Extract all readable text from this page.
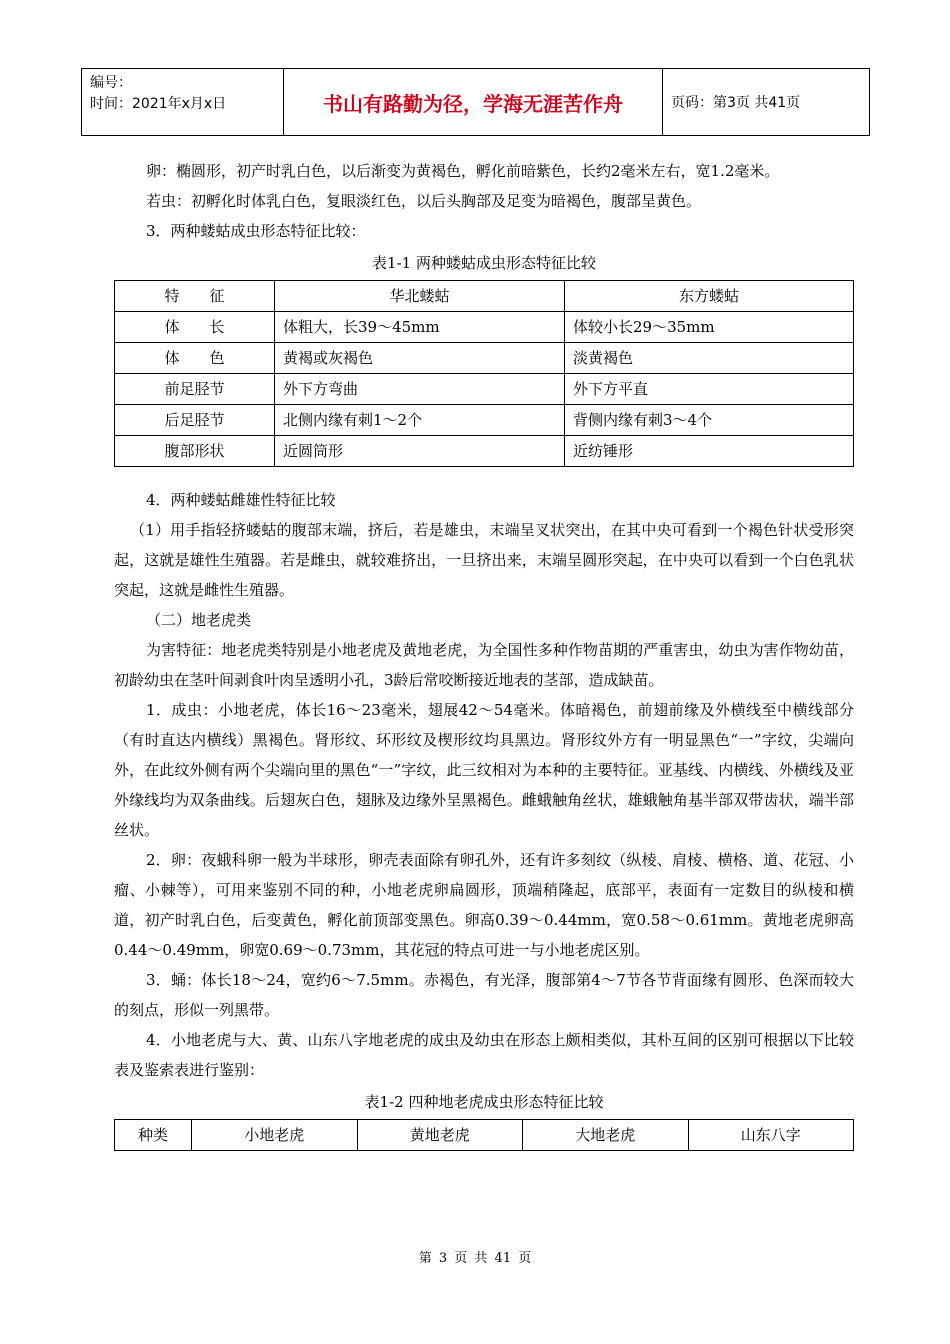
编号：
时间：2021年x月x日	书山有路勤为径，学海无涯苦作舟	页码：第3页 共41页

卵：椭圆形，初产时乳白色，以后渐变为黄褐色，孵化前暗紫色，长约2毫米左右，宽1.2毫米。

若虫：初孵化时体乳白色，复眼淡红色，以后头胸部及足变为暗褐色，腹部呈黄色。

3．两种蝼蛄成虫形态特征比较：

表1-1 两种蝼蛄成虫形态特征比较
特　　征	华北蝼蛄	东方蝼蛄
体　　长	体粗大，长39～45mm	体较小长29～35mm
体　　色	黄褐或灰褐色	淡黄褐色
前足胫节	外下方弯曲	外下方平直
后足胫节	北侧内缘有刺1～2个	背侧内缘有刺3～4个
腹部形状	近圆筒形	近纺锤形

4．两种蝼蛄雌雄性特征比较

（1）用手指轻挤蝼蛄的腹部末端，挤后，若是雄虫，末端呈叉状突出，在其中央可看到一个褐色针状受形突起，这就是雄性生殖器。若是雌虫，就较难挤出，一旦挤出来，末端呈圆形突起，在中央可以看到一个白色乳状突起，这就是雌性生殖器。

（二）地老虎类

为害特征：地老虎类特别是小地老虎及黄地老虎，为全国性多种作物苗期的严重害虫，幼虫为害作物幼苗，初龄幼虫在茎叶间剥食叶肉呈透明小孔，3龄后常咬断接近地表的茎部，造成缺苗。

1．成虫：小地老虎，体长16～23毫米，翅展42～54毫米。体暗褐色，前翅前缘及外横线至中横线部分（有时直达内横线）黑褐色。肾形纹、环形纹及楔形纹均具黑边。肾形纹外方有一明显黑色“一”字纹，尖端向外，在此纹外侧有两个尖端向里的黑色“一”字纹，此三纹相对为本种的主要特征。亚基线、内横线、外横线及亚外缘线均为双条曲线。后翅灰白色，翅脉及边缘外呈黑褐色。雌蛾触角丝状，雄蛾触角基半部双带齿状，端半部丝状。

2．卵：夜蛾科卵一般为半球形，卵壳表面除有卵孔外，还有许多刻纹（纵棱、肩棱、横格、道、花冠、小瘤、小棘等），可用来鉴别不同的种，小地老虎卵扁圆形，顶端稍隆起，底部平，表面有一定数目的纵棱和横道，初产时乳白色，后变黄色，孵化前顶部变黑色。卵高0.39～0.44mm，宽0.58～0.61mm。黄地老虎卵高0.44～0.49mm，卵宽0.69～0.73mm，其花冠的特点可进一与小地老虎区别。

3．蛹：体长18～24，宽约6～7.5mm。赤褐色，有光泽，腹部第4～7节各节背面缘有圆形、色深而较大的刻点，形似一列黑带。

4．小地老虎与大、黄、山东八字地老虎的成虫及幼虫在形态上颇相类似，其朴互间的区别可根据以下比较表及鉴索表进行鉴别：

表1-2 四种地老虎成虫形态特征比较
种类	小地老虎	黄地老虎	大地老虎	山东八字
第 3 页 共 41 页
